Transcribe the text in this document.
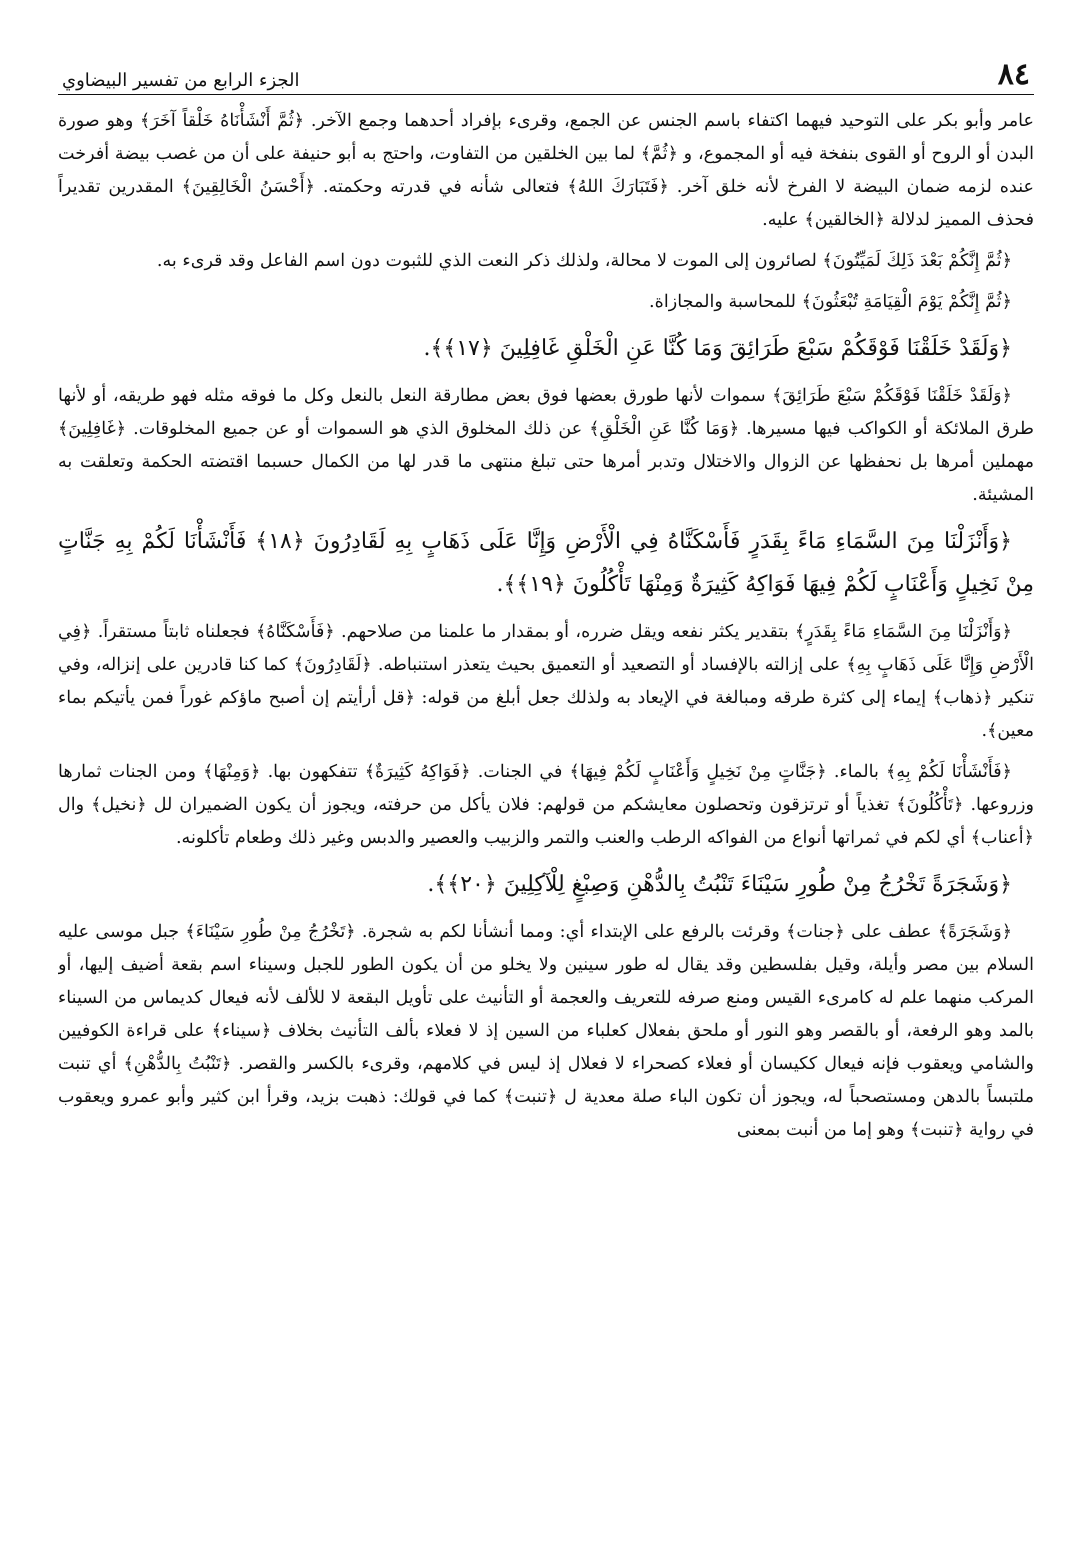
٨٤
الجزء الرابع من تفسير البيضاوي

عامر وأبو بكر على التوحيد فيهما اكتفاء باسم الجنس عن الجمع، وقرىء بإفراد أحدهما وجمع الآخر. ﴿ثُمَّ أَنْشَأْنَاهُ خَلْقاً آخَرَ﴾ وهو صورة البدن أو الروح أو القوى بنفخة فيه أو المجموع، و ﴿ثُمَّ﴾ لما بين الخلقين من التفاوت، واحتج به أبو حنيفة على أن من غصب بيضة أفرخت عنده لزمه ضمان البيضة لا الفرخ لأنه خلق آخر. ﴿فَتَبَارَكَ اللهُ﴾ فتعالى شأنه في قدرته وحكمته. ﴿أَحْسَنُ الْخَالِقِينَ﴾ المقدرين تقديراً فحذف المميز لدلالة ﴿الخالقين﴾ عليه.

﴿ثُمَّ إِنَّكُمْ بَعْدَ ذَلِكَ لَمَيِّتُونَ﴾ لصائرون إلى الموت لا محالة، ولذلك ذكر النعت الذي للثبوت دون اسم الفاعل وقد قرىء به.

﴿ثُمَّ إِنَّكُمْ يَوْمَ الْقِيَامَةِ تُبْعَثُونَ﴾ للمحاسبة والمجازاة.

﴿وَلَقَدْ خَلَقْنَا فَوْقَكُمْ سَبْعَ طَرَائِقَ وَمَا كُنَّا عَنِ الْخَلْقِ غَافِلِينَ ﴿١٧﴾﴾.

﴿وَلَقَدْ خَلَقْنَا فَوْقَكُمْ سَبْعَ طَرَائِقَ﴾ سموات لأنها طورق بعضها فوق بعض مطارقة النعل بالنعل وكل ما فوقه مثله فهو طريقه، أو لأنها طرق الملائكة أو الكواكب فيها مسيرها. ﴿وَمَا كُنَّا عَنِ الْخَلْقِ﴾ عن ذلك المخلوق الذي هو السموات أو عن جميع المخلوقات. ﴿غَافِلِينَ﴾ مهملين أمرها بل نحفظها عن الزوال والاختلال وتدبر أمرها حتى تبلغ منتهى ما قدر لها من الكمال حسبما اقتضته الحكمة وتعلقت به المشيئة.

﴿وَأَنْزَلْنَا مِنَ السَّمَاءِ مَاءً بِقَدَرٍ فَأَسْكَنَّاهُ فِي الْأَرْضِ وَإِنَّا عَلَى ذَهَابٍ بِهِ لَقَادِرُونَ ﴿١٨﴾ فَأَنْشَأْنَا لَكُمْ بِهِ جَنَّاتٍ مِنْ نَخِيلٍ وَأَعْنَابٍ لَكُمْ فِيهَا فَوَاكِهُ كَثِيرَةٌ وَمِنْهَا تَأْكُلُونَ ﴿١٩﴾﴾.

﴿وَأَنْزَلْنَا مِنَ السَّمَاءِ مَاءً بِقَدَرٍ﴾ بتقدير يكثر نفعه ويقل ضرره، أو بمقدار ما علمنا من صلاحهم. ﴿فَأَسْكَنَّاهُ﴾ فجعلناه ثابتاً مستقراً. ﴿فِي الْأَرْضِ وَإِنَّا عَلَى ذَهَابٍ بِهِ﴾ على إزالته بالإفساد أو التصعيد أو التعميق بحيث يتعذر استنباطه. ﴿لَقَادِرُونَ﴾ كما كنا قادرين على إنزاله، وفي تنكير ﴿ذهاب﴾ إيماء إلى كثرة طرقه ومبالغة في الإيعاد به ولذلك جعل أبلغ من قوله: ﴿قل أرأيتم إن أصبح ماؤكم غوراً فمن يأتيكم بماء معين﴾.

﴿فَأَنْشَأْنَا لَكُمْ بِهِ﴾ بالماء. ﴿جَنَّاتٍ مِنْ نَخِيلٍ وَأَعْنَابٍ لَكُمْ فِيهَا﴾ في الجنات. ﴿فَوَاكِهُ كَثِيرَةٌ﴾ تتفكهون بها. ﴿وَمِنْهَا﴾ ومن الجنات ثمارها وزروعها. ﴿تَأْكُلُونَ﴾ تغذياً أو ترتزقون وتحصلون معايشكم من قولهم: فلان يأكل من حرفته، ويجوز أن يكون الضميران لل ﴿نخيل﴾ وال ﴿أعناب﴾ أي لكم في ثمراتها أنواع من الفواكه الرطب والعنب والتمر والزبيب والعصير والدبس وغير ذلك وطعام تأكلونه.

﴿وَشَجَرَةً تَخْرُجُ مِنْ طُورِ سَيْنَاءَ تَنْبُتُ بِالدُّهْنِ وَصِبْغٍ لِلْآكِلِينَ ﴿٢٠﴾﴾.

﴿وَشَجَرَةً﴾ عطف على ﴿جنات﴾ وقرئت بالرفع على الإبتداء أي: ومما أنشأنا لكم به شجرة. ﴿تَخْرُجُ مِنْ طُورِ سَيْنَاءَ﴾ جبل موسى عليه السلام بين مصر وأيلة، وقيل بفلسطين وقد يقال له طور سينين ولا يخلو من أن يكون الطور للجبل وسيناء اسم بقعة أضيف إليها، أو المركب منهما علم له كامرىء القيس ومنع صرفه للتعريف والعجمة أو التأنيث على تأويل البقعة لا للألف لأنه فيعال كديماس من السيناء بالمد وهو الرفعة، أو بالقصر وهو النور أو ملحق بفعلال كعلباء من السين إذ لا فعلاء بألف التأنيث بخلاف ﴿سيناء﴾ على قراءة الكوفيين والشامي ويعقوب فإنه فيعال ككيسان أو فعلاء كصحراء لا فعلال إذ ليس في كلامهم، وقرىء بالكسر والقصر. ﴿تَنْبُتُ بِالدُّهْنِ﴾ أي تنبت ملتبساً بالدهن ومستصحباً له، ويجوز أن تكون الباء صلة معدية ل ﴿تنبت﴾ كما في قولك: ذهبت بزيد، وقرأ ابن كثير وأبو عمرو ويعقوب في رواية ﴿تنبت﴾ وهو إما من أنبت بمعنى
